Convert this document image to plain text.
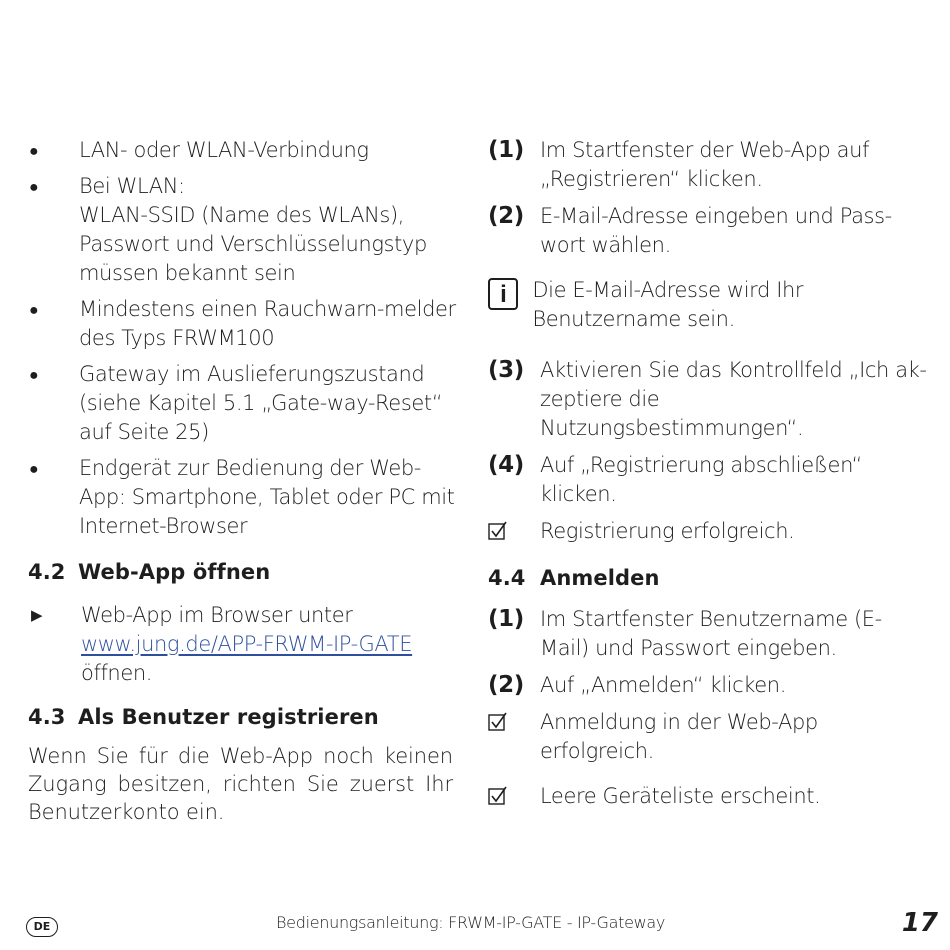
●	LAN- oder WLAN-Verbindung
●	Bei WLAN:
WLAN-SSID (Name des WLANs), Passwort und Verschlüsselungstyp müssen bekannt sein
●	Mindestens einen Rauchwarn-melder des Typs FRWM100
●	Gateway im Auslieferungszustand (siehe Kapitel 5.1 „Gate-way-Reset“ auf Seite 25)
●	Endgerät zur Bedienung der Web-App: Smartphone, Tablet oder PC mit Internet-Browser
4.2 Web-App öffnen
▶	Web-App im Browser unter
www.jung.de/APP-FRWM-IP-GATE
öffnen.
4.3 Als Benutzer registrieren
Wenn Sie für die Web-App noch keinen Zugang besitzen, richten Sie zuerst Ihr Benutzerkonto ein.
(1) Im Startfenster der Web-App auf „Registrieren“ klicken.
(2) E-Mail-Adresse eingeben und Pass-wort wählen.
i	Die E-Mail-Adresse wird Ihr Benutzername sein.
(3) Aktivieren Sie das Kontrollfeld „Ich ak-zeptiere die Nutzungsbestimmungen“.
(4) Auf „Registrierung abschließen“ klicken.
Registrierung erfolgreich.
4.4 Anmelden
(1) Im Startfenster Benutzername (E-Mail) und Passwort eingeben.
(2) Auf „Anmelden“ klicken.
Anmeldung in der Web-App erfolgreich.
Leere Geräteliste erscheint.
DE	Bedienungsanleitung: FRWM-IP-GATE - IP-Gateway	17
